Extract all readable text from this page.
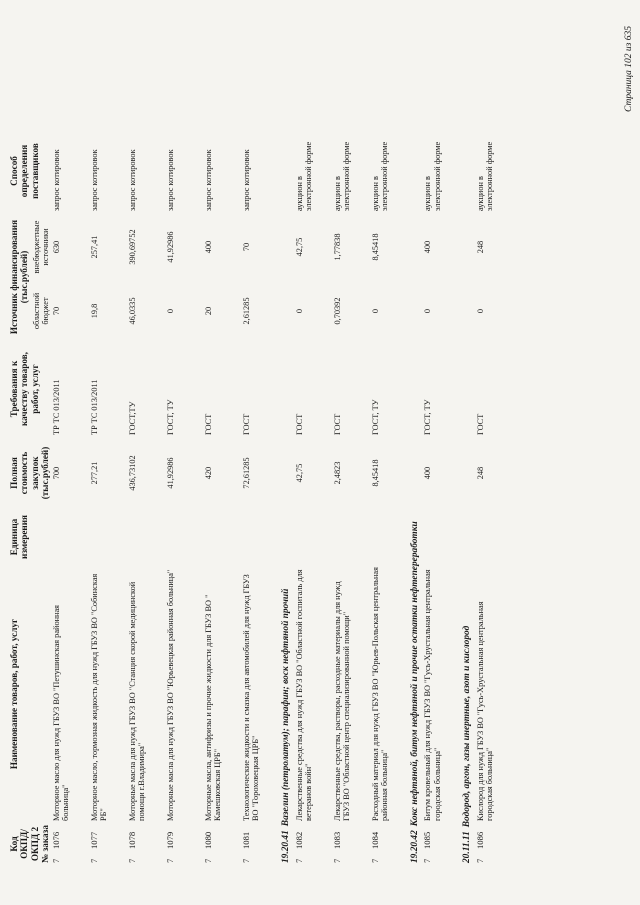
Код ОКПД/ ОКПД 2 № заказа		Наименование товаров, работ, услуг	Единица измерения	Полная стоимость закупок (тыс.рублей)	Требования к качеству товаров, работ, услуг	Источник финансирования (тыс.рублей)		Способ определения поставщиков
						областной бюджет	внебюджетные источники	
7	1076	Моторное масло для нужд ГБУЗ ВО "Петушинская районная больница"		700	ТР ТС 013/2011	70	630	запрос котировок
7	1077	Моторное масло, тормозная жидкость для нужд ГБУЗ ВО "Собинская РБ"		277,21	ТР ТС 013/2011	19,8	257,41	запрос котировок
7	1078	Моторные масла для нужд ГБУЗ ВО "Станция скорой медицинской помощи г.Владимира"		436,73102	ГОСТ,ТУ	46,0335	390,69752	запрос котировок
7	1079	Моторные масла для нужд ГБУЗ ВО "Юрьевецкая районная больница"		41,92986	ГОСТ, ТУ	0	41,92986	запрос котировок
7	1080	Моторные масла, антифризы и прочие жидкости для ГБУЗ ВО " Камешковская ЦРБ"		420	ГОСТ	20	400	запрос котировок
7	1081	Технологические жидкости и смазка для автомобилей для нужд ГБУЗ ВО "Гороховецкая ЦРБ"		72,61285	ГОСТ	2,61285	70	запрос котировок
19.20.41Вазелин (петролатум); парафин; воск нефтяной прочий								
7	1082	Лекарственные средства для нужд ГБУЗ ВО "Областной госпиталь для ветеранов войн"		42,75	ГОСТ	0	42,75	аукцион в электронной форме
7	1083	Лекарственные средства, растворы, расходные материалы для нужд ГБУЗ ВО "Областной центр специализированной помощи"		2,4823	ГОСТ	0,70392	1,77838	аукцион в электронной форме
7	1084	Расходный материал для нужд ГБУЗ ВО "Юрьев-Польская центральная районная больница"		8,45418	ГОСТ, ТУ	0	8,45418	аукцион в электронной форме
19.20.42Кокс нефтяной, битум нефтяной и прочие остатки нефтепереработки								
7	1085	Битум кровельный для нужд ГБУЗ ВО "Гусь-Хрустальная центральная городская больница"		400	ГОСТ, ТУ	0	400	аукцион в электронной форме
20.11.11Водород, аргон, газы инертные, азот и кислород								
7	1086	Кислород для нужд ГБУЗ ВО "Гусь-Хрустальная центральная городская больница"		248	ГОСТ	0	248	аукцион в электронной форме
Страница 102 из 635
